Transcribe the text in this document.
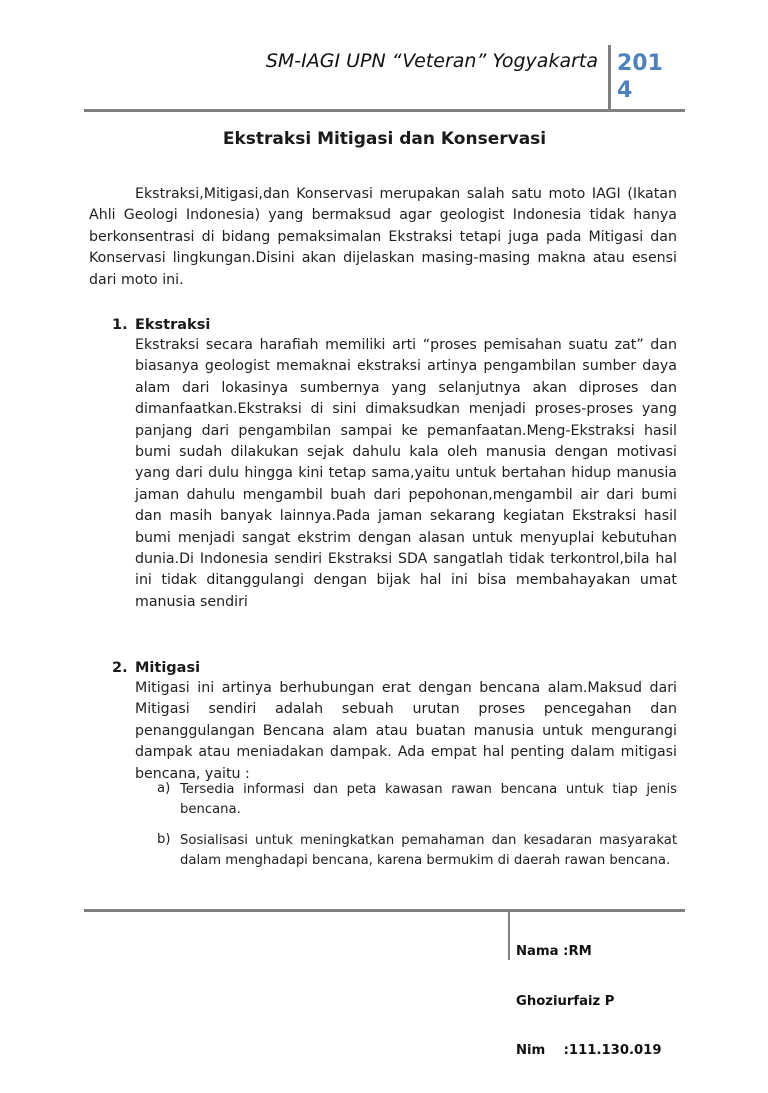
SM-IAGI UPN “Veteran” Yogyakarta 2014
Ekstraksi Mitigasi dan Konservasi

Ekstraksi,Mitigasi,dan Konservasi merupakan salah satu moto IAGI (Ikatan Ahli Geologi Indonesia) yang bermaksud agar geologist Indonesia tidak hanya berkonsentrasi di bidang pemaksimalan Ekstraksi tetapi juga pada Mitigasi dan Konservasi lingkungan.Disini akan dijelaskan masing-masing makna atau esensi dari moto ini.

1. Ekstraksi

Ekstraksi secara harafiah memiliki arti “proses pemisahan suatu zat” dan biasanya geologist memaknai ekstraksi artinya pengambilan sumber daya alam dari lokasinya sumbernya yang selanjutnya akan diproses dan dimanfaatkan.Ekstraksi di sini dimaksudkan menjadi proses-proses yang panjang dari pengambilan sampai ke pemanfaatan.Meng-Ekstraksi hasil bumi sudah dilakukan sejak dahulu kala oleh manusia dengan motivasi yang dari dulu hingga kini tetap sama,yaitu untuk bertahan hidup manusia jaman dahulu mengambil buah dari pepohonan,mengambil air dari bumi dan masih banyak lainnya.Pada jaman sekarang kegiatan Ekstraksi hasil bumi menjadi sangat ekstrim dengan alasan untuk menyuplai kebutuhan dunia.Di Indonesia sendiri Ekstraksi SDA sangatlah tidak terkontrol,bila hal ini tidak ditanggulangi dengan bijak hal ini bisa membahayakan umat manusia sendiri

2. Mitigasi

Mitigasi ini artinya berhubungan erat dengan bencana alam.Maksud dari Mitigasi sendiri adalah sebuah urutan proses pencegahan dan penanggulangan Bencana alam atau buatan manusia untuk mengurangi dampak atau meniadakan dampak. Ada empat hal penting dalam mitigasi bencana, yaitu :

a) Tersedia informasi dan peta kawasan rawan bencana untuk tiap jenis bencana.

b) Sosialisasi untuk meningkatkan pemahaman dan kesadaran masyarakat dalam menghadapi bencana, karena bermukim di daerah rawan bencana.

Nama :RM

Ghoziurfaiz P

Nim    :111.130.019
